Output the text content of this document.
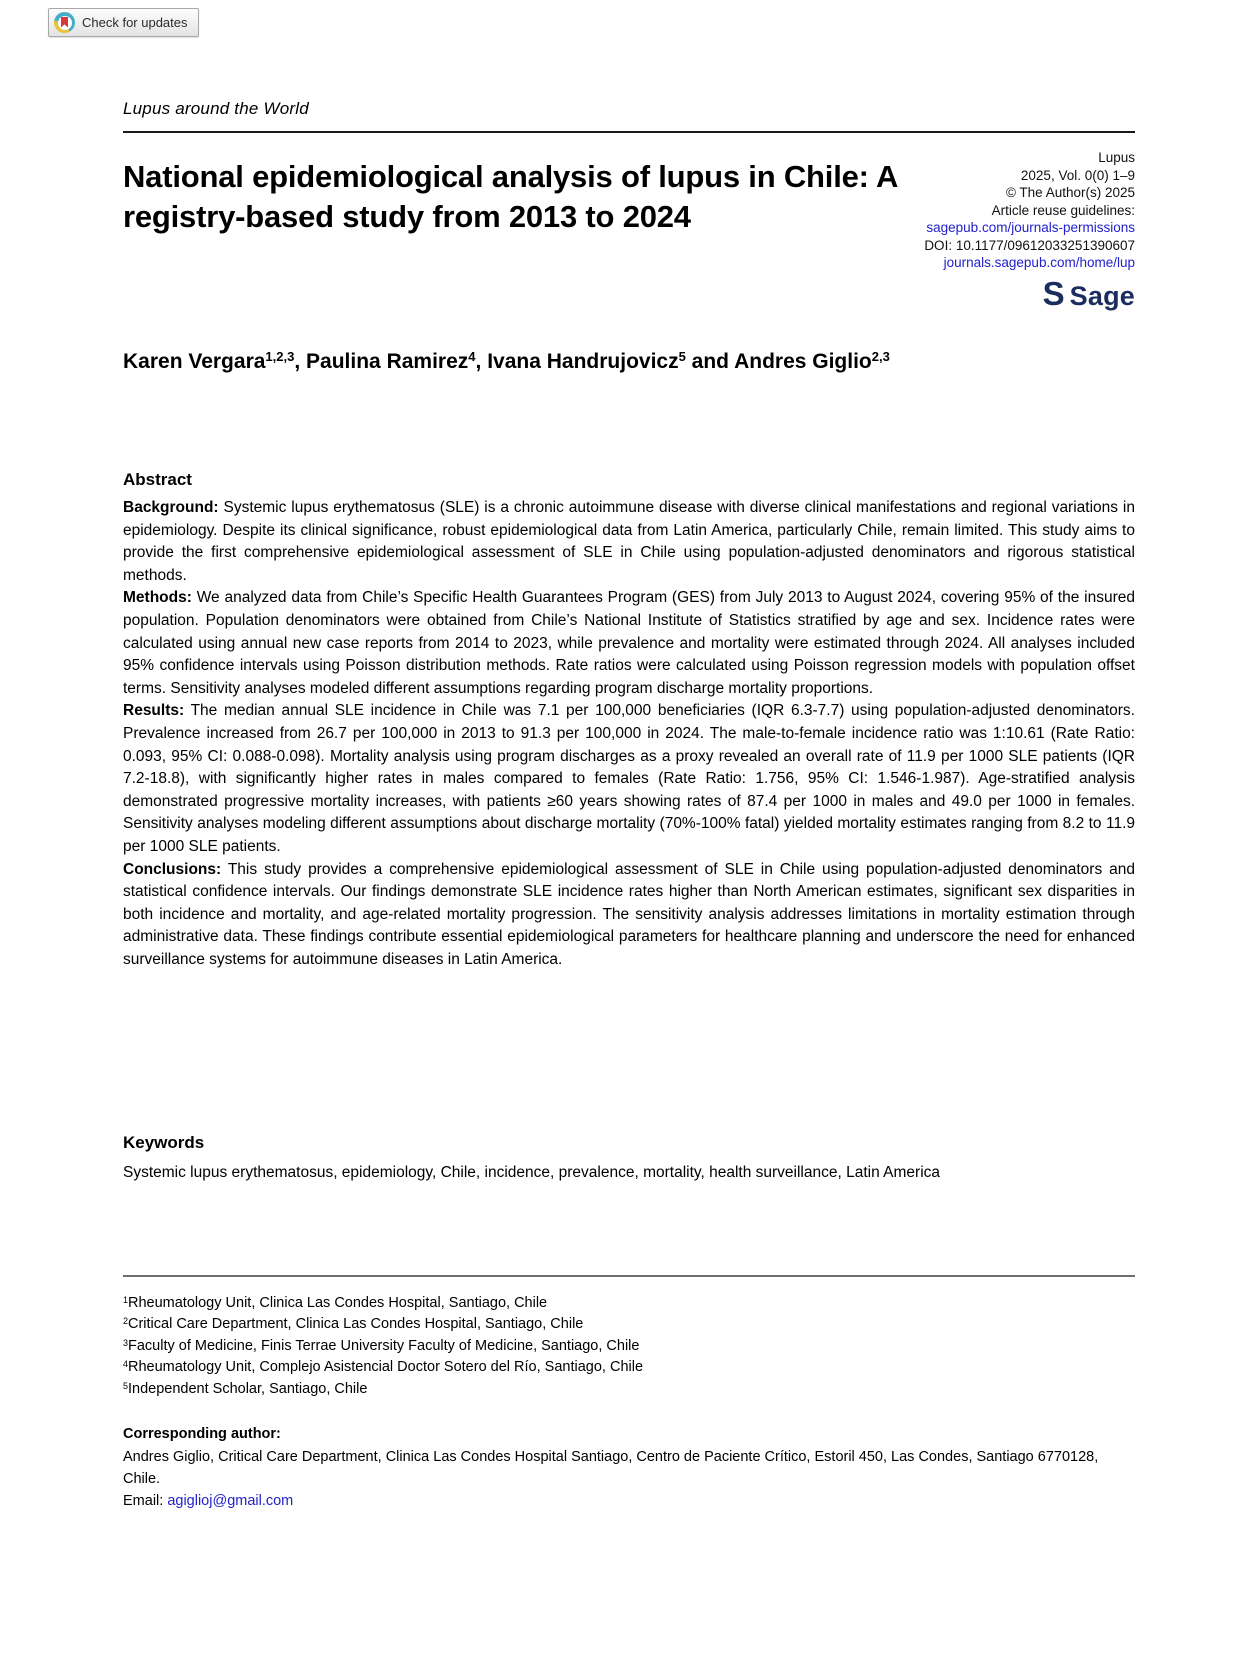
Check for updates
Lupus around the World
National epidemiological analysis of lupus in Chile: A registry-based study from 2013 to 2024
Lupus
2025, Vol. 0(0) 1–9
© The Author(s) 2025
Article reuse guidelines:
sagepub.com/journals-permissions
DOI: 10.1177/09612033251390607
journals.sagepub.com/home/lup
S Sage
Karen Vergara$^{1,2,3}$, Paulina Ramirez$^4$, Ivana Handrujovicz$^5$ and Andres Giglio$^{2,3}$
Abstract

Background: Systemic lupus erythematosus (SLE) is a chronic autoimmune disease with diverse clinical manifestations and regional variations in epidemiology. Despite its clinical significance, robust epidemiological data from Latin America, particularly Chile, remain limited. This study aims to provide the first comprehensive epidemiological assessment of SLE in Chile using population-adjusted denominators and rigorous statistical methods.

Methods: We analyzed data from Chile’s Specific Health Guarantees Program (GES) from July 2013 to August 2024, covering 95% of the insured population. Population denominators were obtained from Chile’s National Institute of Statistics stratified by age and sex. Incidence rates were calculated using annual new case reports from 2014 to 2023, while prevalence and mortality were estimated through 2024. All analyses included 95% confidence intervals using Poisson distribution methods. Rate ratios were calculated using Poisson regression models with population offset terms. Sensitivity analyses modeled different assumptions regarding program discharge mortality proportions.

Results: The median annual SLE incidence in Chile was 7.1 per 100,000 beneficiaries (IQR 6.3-7.7) using population-adjusted denominators. Prevalence increased from 26.7 per 100,000 in 2013 to 91.3 per 100,000 in 2024. The male-to-female incidence ratio was 1:10.61 (Rate Ratio: 0.093, 95% CI: 0.088-0.098). Mortality analysis using program discharges as a proxy revealed an overall rate of 11.9 per 1000 SLE patients (IQR 7.2-18.8), with significantly higher rates in males compared to females (Rate Ratio: 1.756, 95% CI: 1.546-1.987). Age-stratified analysis demonstrated progressive mortality increases, with patients ≥60 years showing rates of 87.4 per 1000 in males and 49.0 per 1000 in females. Sensitivity analyses modeling different assumptions about discharge mortality (70%-100% fatal) yielded mortality estimates ranging from 8.2 to 11.9 per 1000 SLE patients.

Conclusions: This study provides a comprehensive epidemiological assessment of SLE in Chile using population-adjusted denominators and statistical confidence intervals. Our findings demonstrate SLE incidence rates higher than North American estimates, significant sex disparities in both incidence and mortality, and age-related mortality progression. The sensitivity analysis addresses limitations in mortality estimation through administrative data. These findings contribute essential epidemiological parameters for healthcare planning and underscore the need for enhanced surveillance systems for autoimmune diseases in Latin America.

Keywords
Systemic lupus erythematosus, epidemiology, Chile, incidence, prevalence, mortality, health surveillance, Latin America
$^1$Rheumatology Unit, Clinica Las Condes Hospital, Santiago, Chile
$^2$Critical Care Department, Clinica Las Condes Hospital, Santiago, Chile
$^3$Faculty of Medicine, Finis Terrae University Faculty of Medicine, Santiago, Chile
$^4$Rheumatology Unit, Complejo Asistencial Doctor Sotero del Río, Santiago, Chile
$^5$Independent Scholar, Santiago, Chile
Corresponding author:
Andres Giglio, Critical Care Department, Clinica Las Condes Hospital Santiago, Centro de Paciente Crítico, Estoril 450, Las Condes, Santiago 6770128, Chile.
Email: agiglioj@gmail.com
